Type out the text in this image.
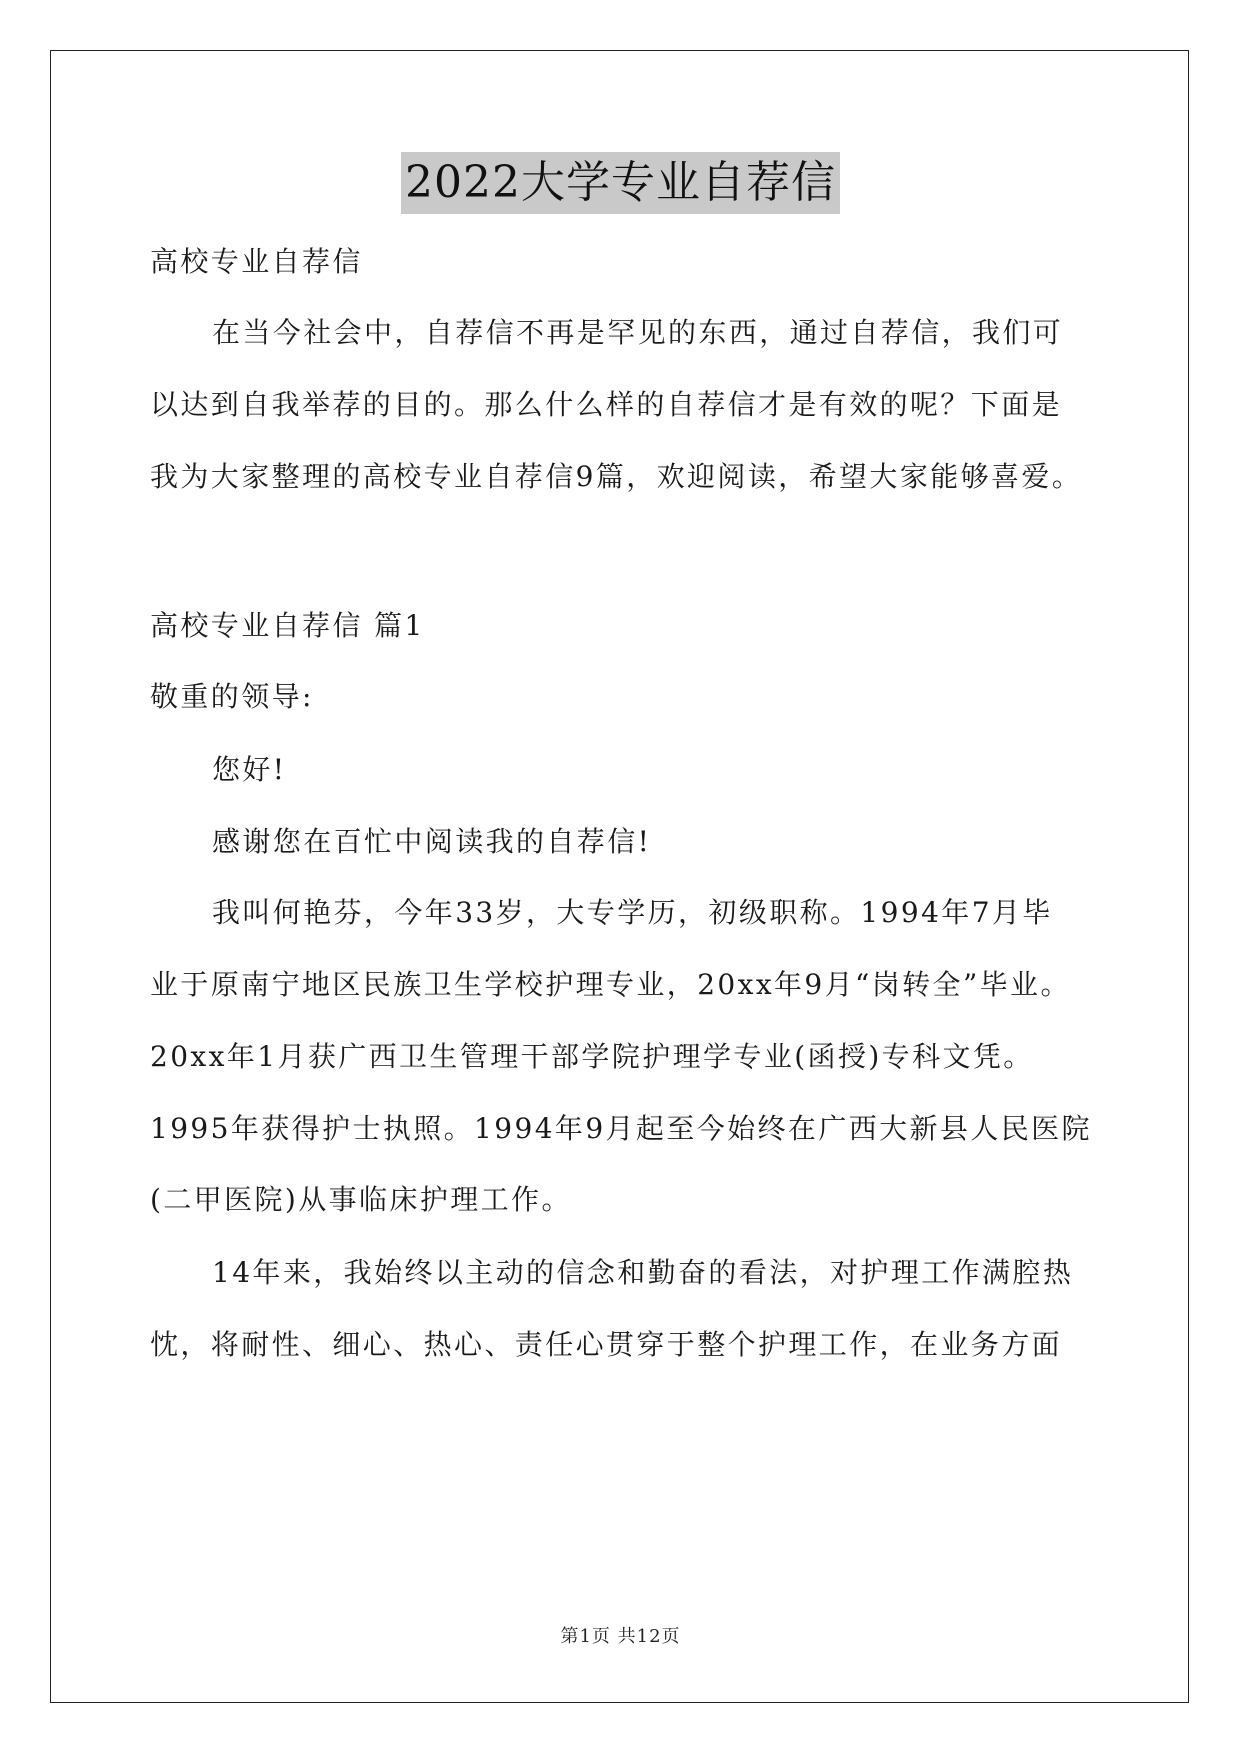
2022大学专业自荐信
高校专业自荐信
在当今社会中，自荐信不再是罕见的东西，通过自荐信，我们可
以达到自我举荐的目的。那么什么样的自荐信才是有效的呢？下面是
我为大家整理的高校专业自荐信9篇，欢迎阅读，希望大家能够喜爱。
高校专业自荐信 篇1
敬重的领导:
您好!
感谢您在百忙中阅读我的自荐信!
我叫何艳芬，今年33岁，大专学历，初级职称。1994年7月毕
业于原南宁地区民族卫生学校护理专业，20xx年9月“岗转全”毕业。
20xx年1月获广西卫生管理干部学院护理学专业(函授)专科文凭。
1995年获得护士执照。1994年9月起至今始终在广西大新县人民医院
(二甲医院)从事临床护理工作。
14年来，我始终以主动的信念和勤奋的看法，对护理工作满腔热
忱，将耐性、细心、热心、责任心贯穿于整个护理工作，在业务方面
第1页 共12页
